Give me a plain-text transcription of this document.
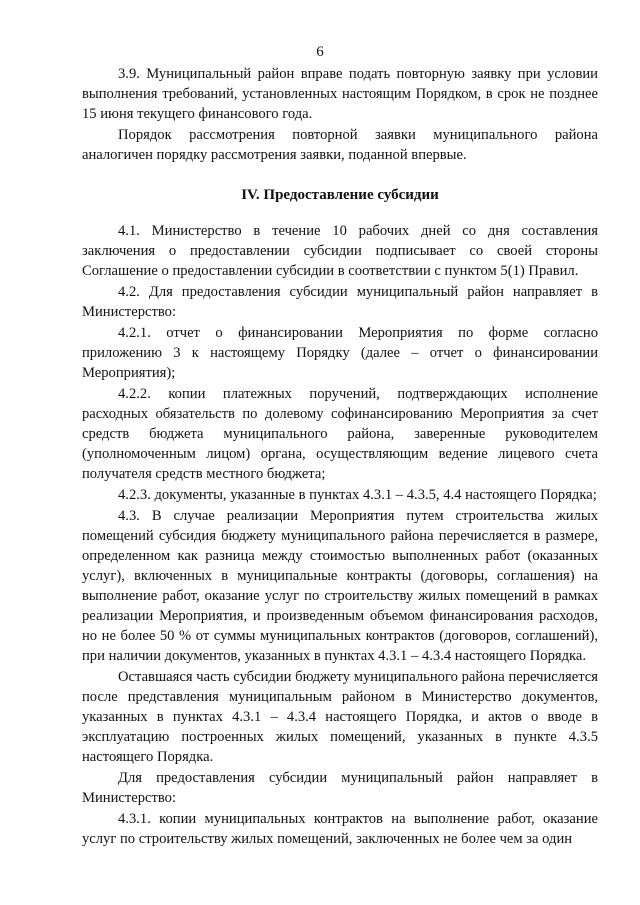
6

3.9. Муниципальный район вправе подать повторную заявку при условии выполнения требований, установленных настоящим Порядком, в срок не позднее 15 июня текущего финансового года.

Порядок рассмотрения повторной заявки муниципального района аналогичен порядку рассмотрения заявки, поданной впервые.

IV. Предоставление субсидии

4.1. Министерство в течение 10 рабочих дней со дня составления заключения о предоставлении субсидии подписывает со своей стороны Соглашение о предоставлении субсидии в соответствии с пунктом 5(1) Правил.

4.2. Для предоставления субсидии муниципальный район направляет в Министерство:

4.2.1. отчет о финансировании Мероприятия по форме согласно приложению 3 к настоящему Порядку (далее – отчет о финансировании Мероприятия);

4.2.2. копии платежных поручений, подтверждающих исполнение расходных обязательств по долевому софинансированию Мероприятия за счет средств бюджета муниципального района, заверенные руководителем (уполномоченным лицом) органа, осуществляющим ведение лицевого счета получателя средств местного бюджета;

4.2.3. документы, указанные в пунктах 4.3.1 – 4.3.5, 4.4 настоящего Порядка;

4.3. В случае реализации Мероприятия путем строительства жилых помещений субсидия бюджету муниципального района перечисляется в размере, определенном как разница между стоимостью выполненных работ (оказанных услуг), включенных в муниципальные контракты (договоры, соглашения) на выполнение работ, оказание услуг по строительству жилых помещений в рамках реализации Мероприятия, и произведенным объемом финансирования расходов, но не более 50 % от суммы муниципальных контрактов (договоров, соглашений), при наличии документов, указанных в пунктах 4.3.1 – 4.3.4 настоящего Порядка.

Оставшаяся часть субсидии бюджету муниципального района перечисляется после представления муниципальным районом в Министерство документов, указанных в пунктах 4.3.1 – 4.3.4 настоящего Порядка, и актов о вводе в эксплуатацию построенных жилых помещений, указанных в пункте 4.3.5 настоящего Порядка.

Для предоставления субсидии муниципальный район направляет в Министерство:

4.3.1. копии муниципальных контрактов на выполнение работ, оказание услуг по строительству жилых помещений, заключенных не более чем за один
